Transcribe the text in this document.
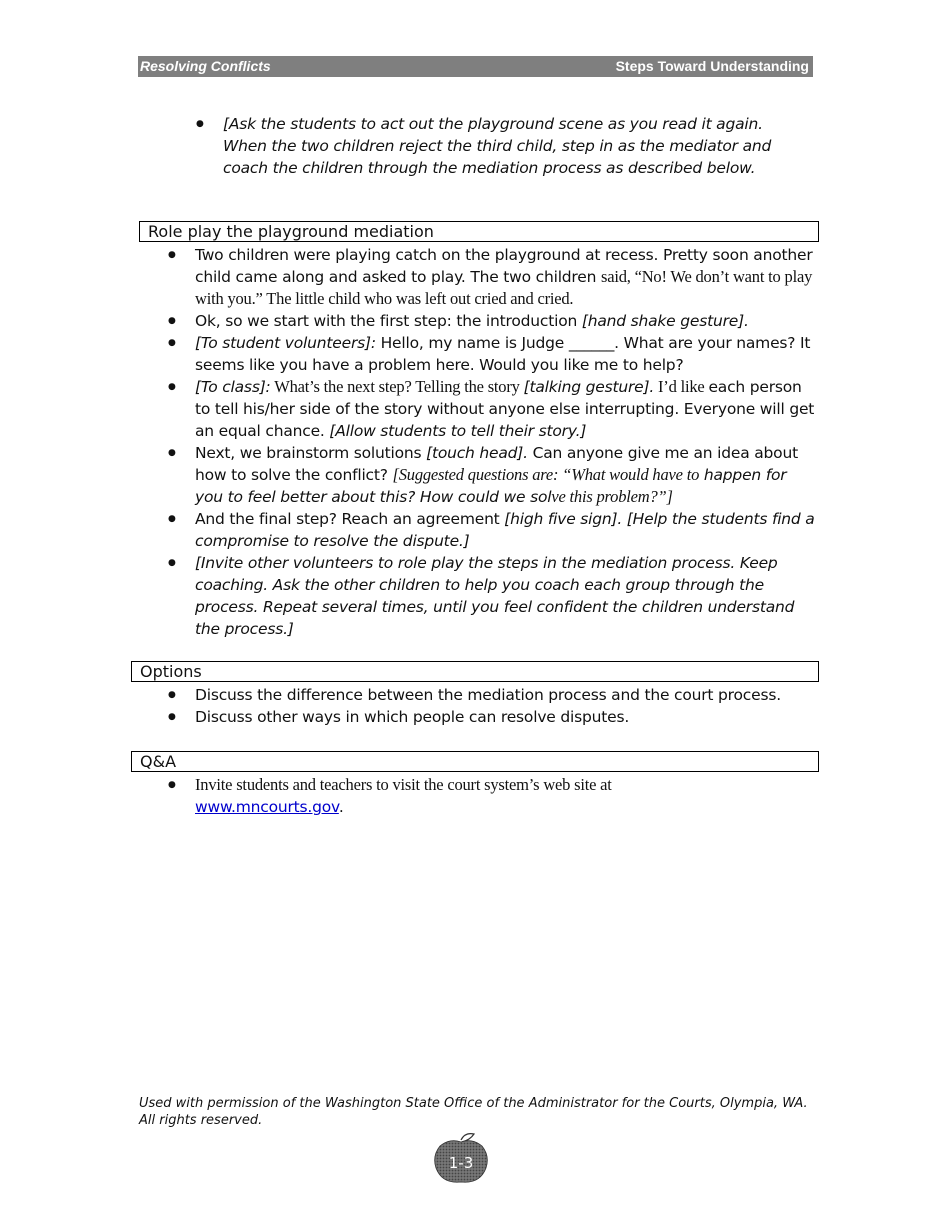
Resolving Conflicts	Steps Toward Understanding
● [Ask the students to act out the playground scene as you read it again. When the two children reject the third child, step in as the mediator and coach the children through the mediation process as described below.
Role play the playground mediation
● Two children were playing catch on the playground at recess. Pretty soon another child came along and asked to play. The two children said, “No! We don’t want to play with you.” The little child who was left out cried and cried.
● Ok, so we start with the first step: the introduction [hand shake gesture].
● [To student volunteers]: Hello, my name is Judge ______. What are your names? It seems like you have a problem here. Would you like me to help?
● [To class]: What’s the next step? Telling the story [talking gesture]. I’d like each person to tell his/her side of the story without anyone else interrupting. Everyone will get an equal chance. [Allow students to tell their story.]
● Next, we brainstorm solutions [touch head]. Can anyone give me an idea about how to solve the conflict? [Suggested questions are: “What would have to happen for you to feel better about this? How could we solve this problem?”]
● And the final step? Reach an agreement [high five sign]. [Help the students find a compromise to resolve the dispute.]
● [Invite other volunteers to role play the steps in the mediation process. Keep coaching. Ask the other children to help you coach each group through the process. Repeat several times, until you feel confident the children understand the process.]
Options
● Discuss the difference between the mediation process and the court process.
● Discuss other ways in which people can resolve disputes.
Q&A
● Invite students and teachers to visit the court system’s web site at
www.mncourts.gov.
Used with permission of the Washington State Office of the Administrator for the Courts, Olympia, WA. All rights reserved.
1-3
